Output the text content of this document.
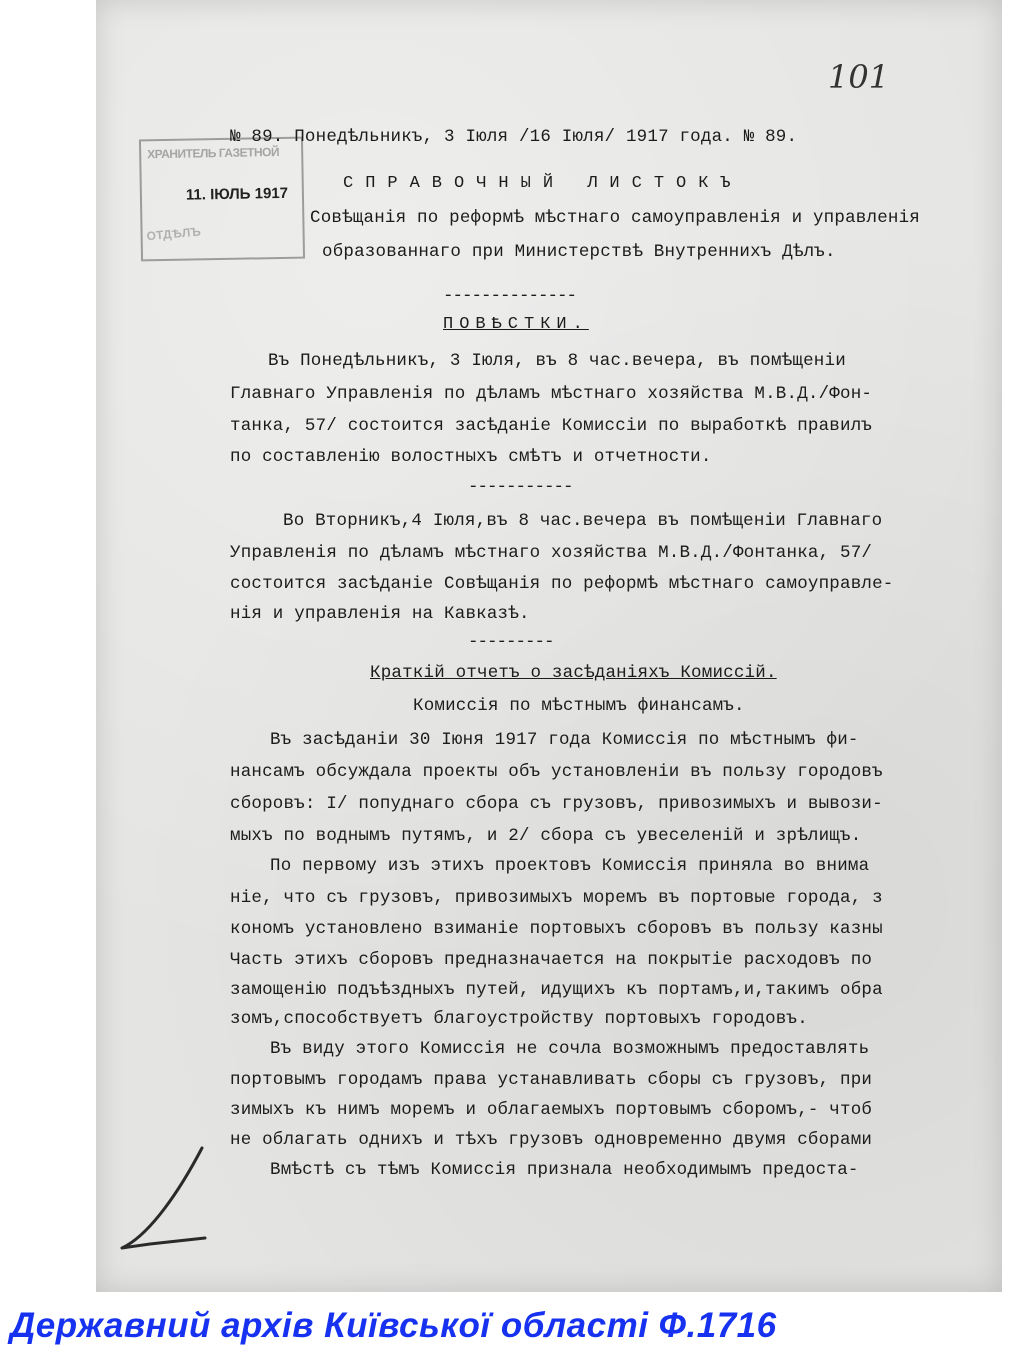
101
ХРАНИТЕЛЬ ГАЗЕТНОЙ
11. ІЮЛЬ 1917
ОТДѢЛЪ
№ 89. Понедѣльникъ, 3 Іюля /16 Іюля/ 1917 года. № 89.
СПРАВОЧНЫЙ ЛИСТОКЪ
Совѣщанія по реформѣ мѣстнаго самоуправленія и управленія
образованнаго при Министерствѣ Внутреннихъ Дѣлъ.
--------------
ПОВѢСТКИ.
Въ Понедѣльникъ, 3 Іюля, въ 8 час.вечера, въ помѣщеніи
Главнаго Управленія по дѣламъ мѣстнаго хозяйства М.В.Д./Фон-
танка, 57/ состоится засѣданіе Комиссіи по выработкѣ правилъ
по составленію волостныхъ смѣтъ и отчетности.
-----------
Во Вторникъ,4 Іюля,въ 8 час.вечера въ помѣщеніи Главнаго
Управленія по дѣламъ мѣстнаго хозяйства М.В.Д./Фонтанка, 57/
состоится засѣданіе Совѣщанія по реформѣ мѣстнаго самоуправле-
нія и управленія на Кавказѣ.
---------
Краткій отчетъ о засѣданіяхъ Комиссій.
Комиссія по мѣстнымъ финансамъ.
Въ засѣданіи 30 Іюня 1917 года Комиссія по мѣстнымъ фи-
нансамъ обсуждала проекты объ установленіи въ пользу городовъ
сборовъ: I/ попуднаго сбора съ грузовъ, привозимыхъ и вывози-
мыхъ по воднымъ путямъ, и 2/ сбора съ увеселеній и зрѣлищъ.
По первому изъ этихъ проектовъ Комиссія приняла во внима
ніе, что съ грузовъ, привозимыхъ моремъ въ портовые города, з
кономъ установлено взиманіе портовыхъ сборовъ въ пользу казны
Часть этихъ сборовъ предназначается на покрытіе расходовъ по
замощенію подъѣздныхъ путей, идущихъ къ портамъ,и,такимъ обра
зомъ,способствуетъ благоустройству портовыхъ городовъ.
Въ виду этого Комиссія не сочла возможнымъ предоставлять
портовымъ городамъ права устанавливать сборы съ грузовъ, при
зимыхъ къ нимъ моремъ и облагаемыхъ портовымъ сборомъ,- чтоб
не облагать однихъ и тѣхъ грузовъ одновременно двумя сборами
Вмѣстѣ съ тѣмъ Комиссія признала необходимымъ предоста-
Державний архів Київської області Ф.1716
